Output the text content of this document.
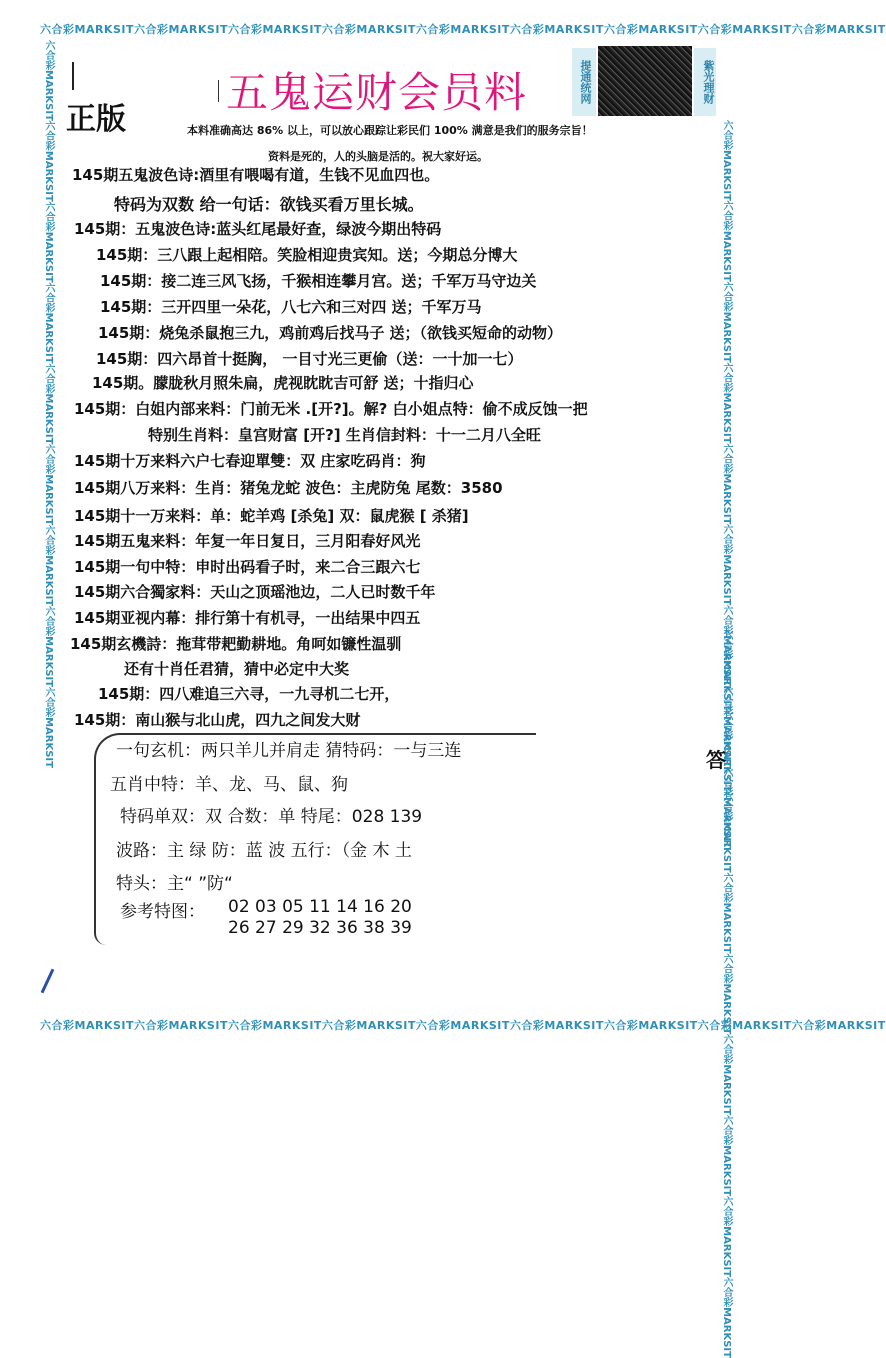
六合彩MARKSIT六合彩MARKSIT六合彩MARKSIT六合彩MARKSIT六合彩MARKSIT六合彩MARKSIT六合彩MARKSIT六合彩MARKSIT六合彩MARKSIT
六合彩MARKSIT六合彩MARKSIT六合彩MARKSIT六合彩MARKSIT六合彩MARKSIT六合彩MARKSIT六合彩MARKSIT六合彩MARKSIT六合彩MARKSIT
六合彩MARKSIT六合彩MARKSIT六合彩MARKSIT六合彩MARKSIT六合彩MARKSIT六合彩MARKSIT六合彩MARKSIT六合彩MARKSIT六合彩MARKSIT	六合彩MARKSIT六合彩MARKSIT六合彩MARKSIT六合彩MARKSIT六合彩MARKSIT六合彩MARKSIT六合彩MARKSIT六合彩MARKSIT六合彩MARKSIT
六合彩MARKSIT六合彩MARKSIT六合彩MARKSIT六合彩MARKSIT六合彩MARKSIT六合彩MARKSIT六合彩MARKSIT六合彩MARKSIT六合彩MARKSIT
正版
五鬼运财会员料	提通统网	紫光理财
本料准确高达 86% 以上，可以放心跟踪让彩民们 100% 满意是我们的服务宗旨！
资料是死的，人的头脑是活的。祝大家好运。
145期五鬼波色诗:酒里有喂喝有道，生钱不见血四也。
特码为双数 给一句话：欲钱买看万里长城。
145期：五鬼波色诗:蓝头红尾最好查，绿波今期出特码
145期：三八跟上起相陪。笑脸相迎贵宾知。送；今期总分博大
145期：接二连三风飞扬，千猴相连攀月宫。送；千军万马守边关
145期：三开四里一朵花，八七六和三对四 送；千军万马
145期：烧兔杀鼠抱三九，鸡前鸡后找马子 送；（欲钱买短命的动物）
145期：四六昂首十挺胸， 一目寸光三更偷（送：一十加一七）
145期。朦胧秋月照朱扁，虎视眈眈吉可舒 送；十指归心
145期：白姐内部来料：门前无米 .[开?]。解? 白小姐点特：偷不成反蚀一把
特别生肖料：皇宫财富 [开?] 生肖信封料：十一二月八全旺
145期十万来料六户七春迎單雙：双 庄家吃码肖：狗
145期八万来料：生肖：猪兔龙蛇 波色：主虎防兔 尾数：3580
145期十一万来料：单：蛇羊鸡 [杀兔] 双：鼠虎猴 [ 杀猪]
145期五鬼来料：年复一年日复日，三月阳春好风光
145期一句中特：申时出码看子时，来二合三跟六七
145期六合獨家料：天山之顶瑶池边，二人已时数千年
145期亚视内幕：排行第十有机寻，一出结果中四五
145期玄機詩：拖茸带耙勤耕地。角呵如镰性温驯
还有十肖任君猜，猜中必定中大奖
145期：四八难追三六寻，一九寻机二七开，
145期：南山猴与北山虎，四九之间发大财
一句玄机：两只羊儿并肩走 猜特码：一与三连
五肖中特：羊、龙、马、鼠、狗
特码单双：双 合数：单 特尾：028 139
波路：主 绿 防：蓝 波 五行：（金 木 土
特头：主“ ”防“
参考特图： 02 03 05 11 14 16 20
26 27 29 32 36 38 39
答
